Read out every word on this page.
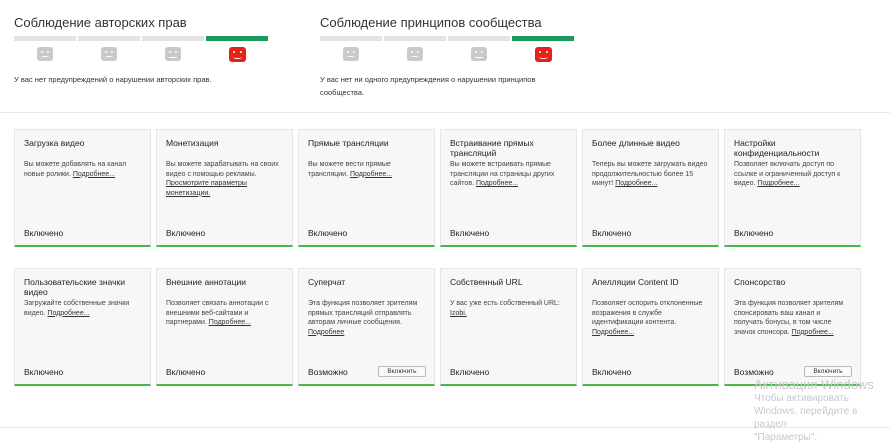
Соблюдение авторских прав
У вас нет предупреждений о нарушении авторских прав.
Соблюдение принципов сообщества
У вас нет ни одного предупреждения о нарушении принципов сообщества.
Загрузка видео
Вы можете добавлять на канал новые ролики. Подробнее...
Включено
Монетизация
Вы можете зарабатывать на своих видео с помощью рекламы. Просмотрите параметры монетизации.
Включено
Прямые трансляции
Вы можете вести прямые трансляции. Подробнее...
Включено
Встраивание прямых трансляций
Вы можете встраивать прямые трансляции на страницы других сайтов. Подробнее...
Включено
Более длинные видео
Теперь вы можете загружать видео продолжительностью более 15 минут! Подробнее...
Включено
Настройки конфиденциальности
Позволяет включать доступ по ссылке и ограниченный доступ к видео. Подробнее...
Включено
Пользовательские значки видео
Загружайте собственные значки видео. Подробнее...
Включено
Внешние аннотации
Позволяет связать аннотации с внешними веб-сайтами и партнерами. Подробнее...
Включено
Суперчат
Эта функция позволяет зрителям прямых трансляций отправлять авторам личные сообщения. Подробнее
Возможно	Включить
Собственный URL
У вас уже есть собственный URL: Izobi.
Включено
Апелляции Content ID
Позволяет оспорить отклоненные возражения в службе идентификации контента. Подробнее...
Включено
Спонсорство
Эта функция позволяет зрителям спонсировать ваш канал и получать бонусы, в том числе значок спонсора. Подробнее...
Возможно	Включить
Активация Windows
Чтобы активировать Windows, перейдите в раздел
"Параметры".
